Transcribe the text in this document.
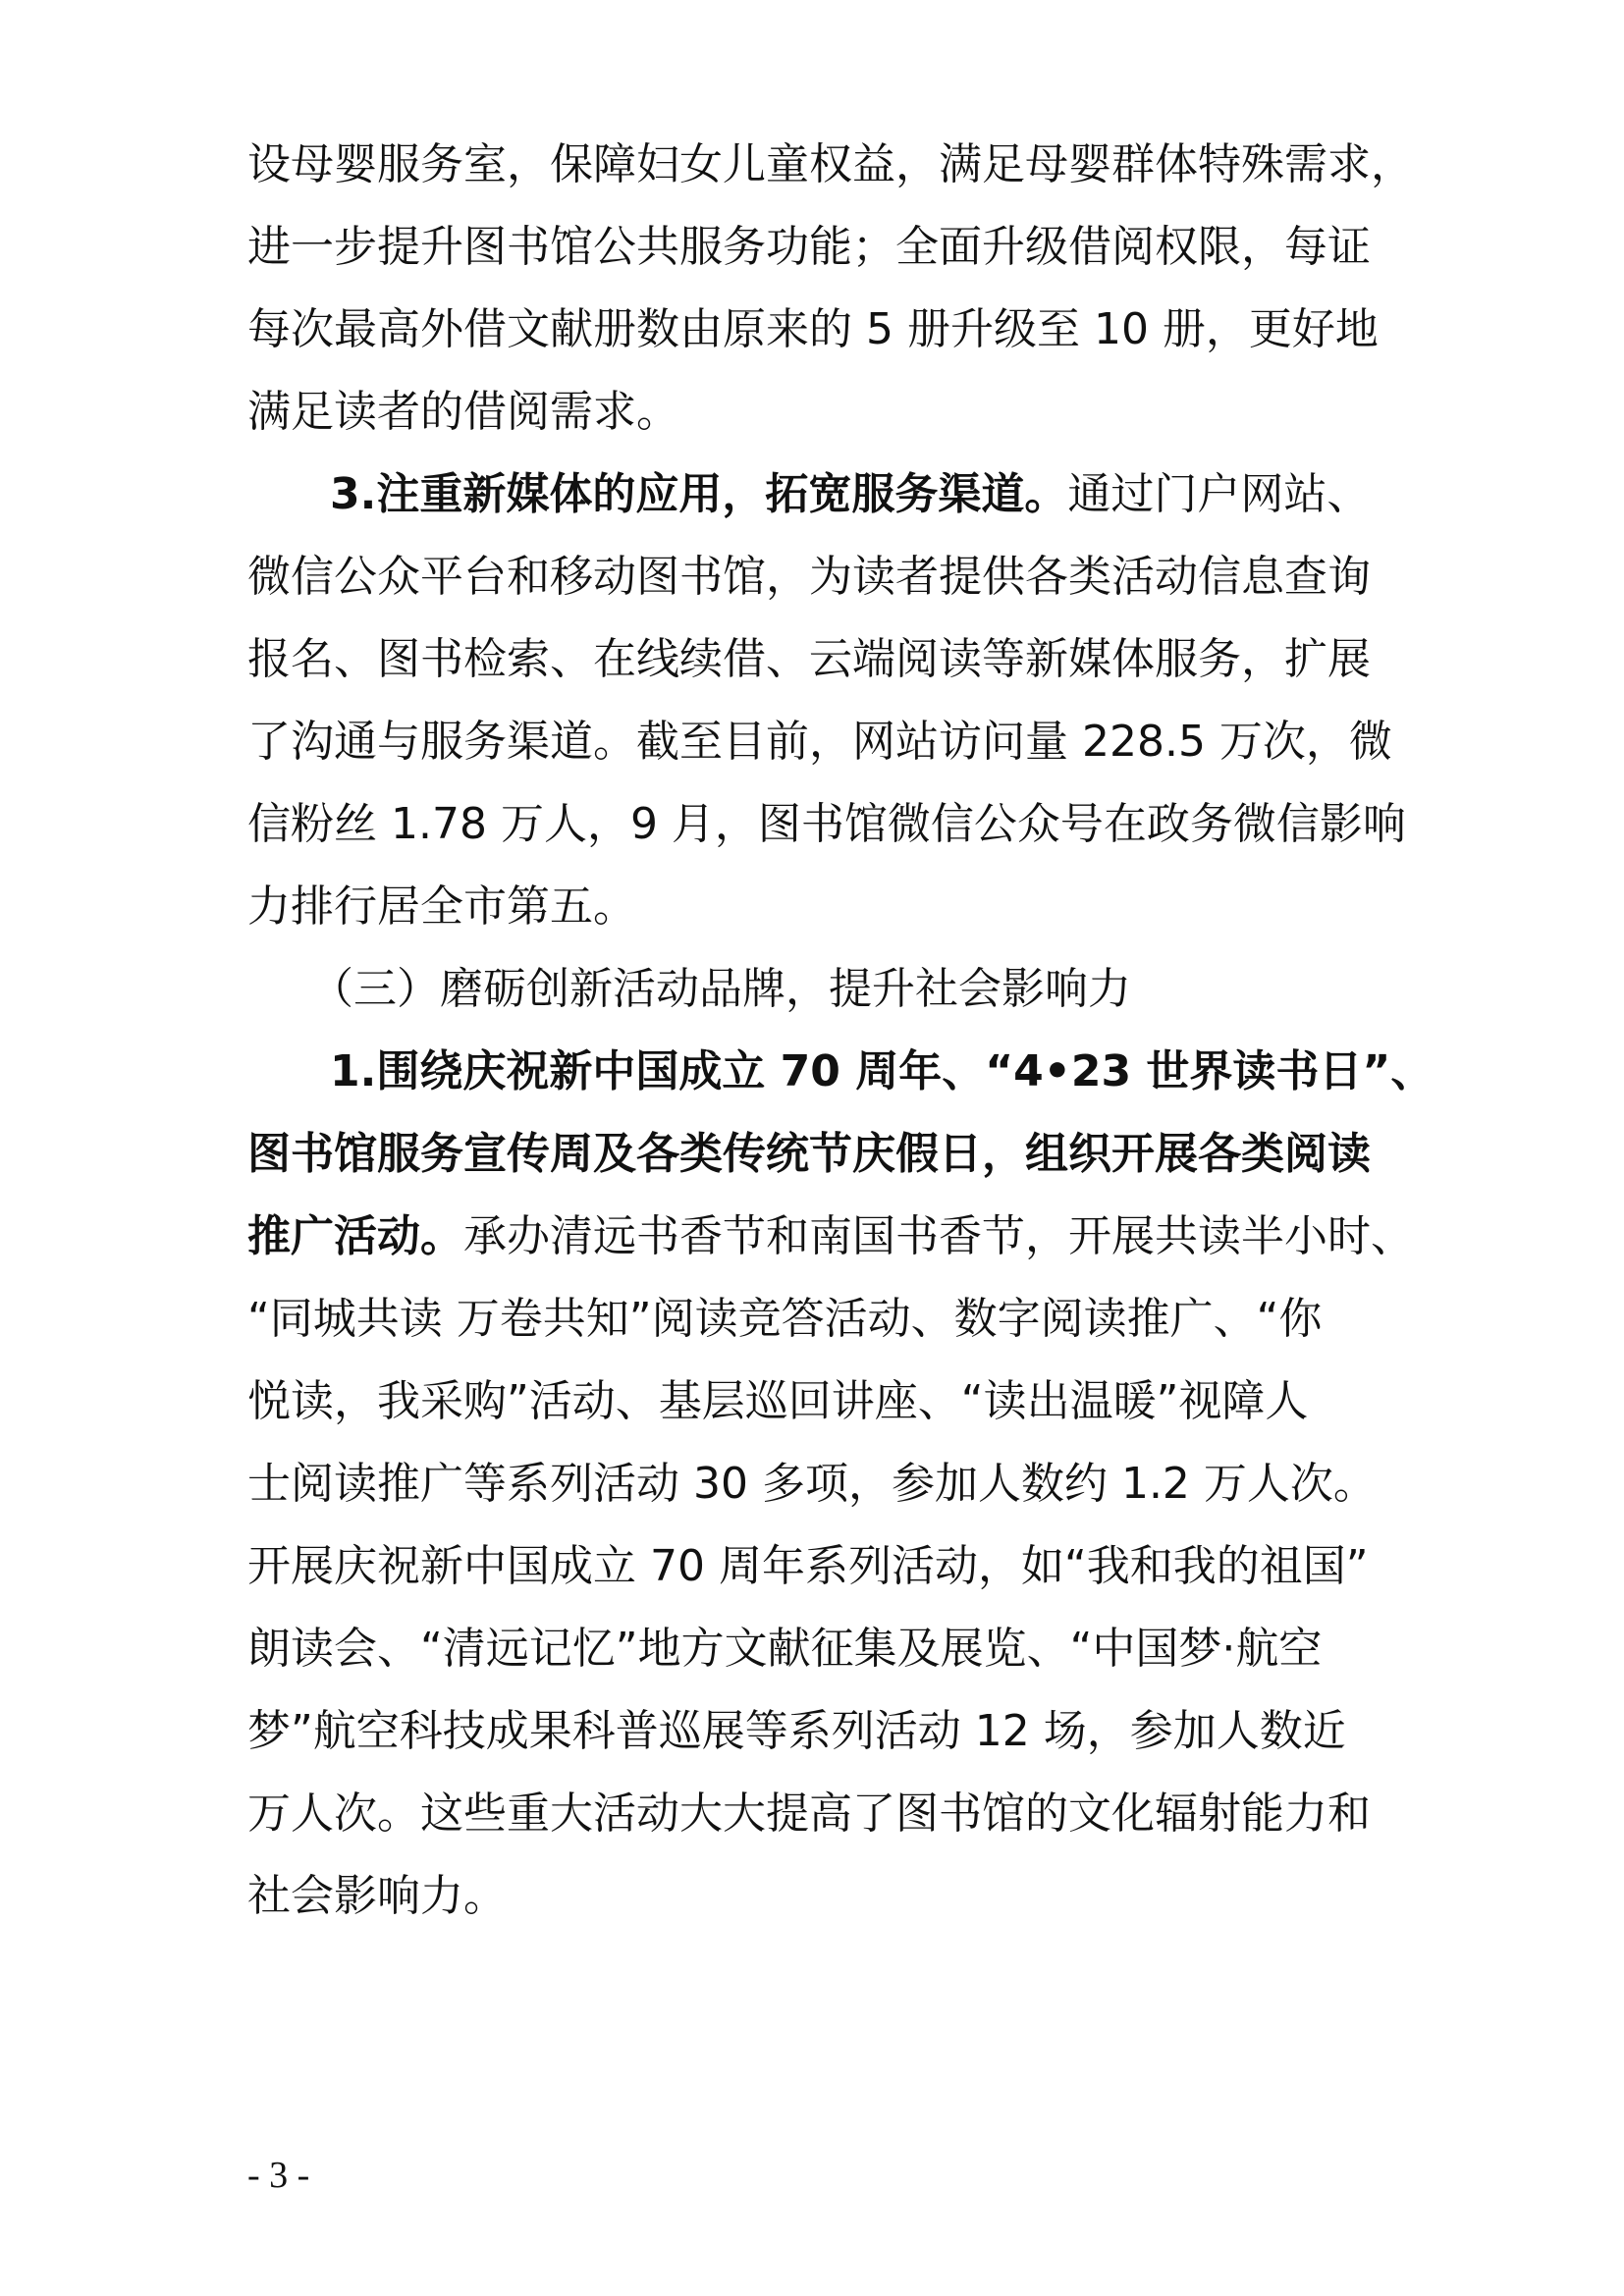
设母婴服务室，保障妇女儿童权益，满足母婴群体特殊需求，

进一步提升图书馆公共服务功能；全面升级借阅权限，每证

每次最高外借文献册数由原来的 5 册升级至 10 册，更好地

满足读者的借阅需求。

3.注重新媒体的应用，拓宽服务渠道。通过门户网站、

微信公众平台和移动图书馆，为读者提供各类活动信息查询

报名、图书检索、在线续借、云端阅读等新媒体服务，扩展

了沟通与服务渠道。截至目前，网站访问量 228.5 万次，微

信粉丝 1.78 万人，9 月，图书馆微信公众号在政务微信影响

力排行居全市第五。

（三）磨砺创新活动品牌，提升社会影响力

1.围绕庆祝新中国成立 70 周年、“4•23 世界读书日”、

图书馆服务宣传周及各类传统节庆假日，组织开展各类阅读

推广活动。承办清远书香节和南国书香节，开展共读半小时、

“同城共读 万卷共知”阅读竞答活动、数字阅读推广、“你

悦读，我采购”活动、基层巡回讲座、“读出温暖”视障人

士阅读推广等系列活动 30 多项，参加人数约 1.2 万人次。

开展庆祝新中国成立 70 周年系列活动，如“我和我的祖国”

朗读会、“清远记忆”地方文献征集及展览、“中国梦·航空

梦”航空科技成果科普巡展等系列活动 12 场，参加人数近

万人次。这些重大活动大大提高了图书馆的文化辐射能力和

社会影响力。

- 3 -
